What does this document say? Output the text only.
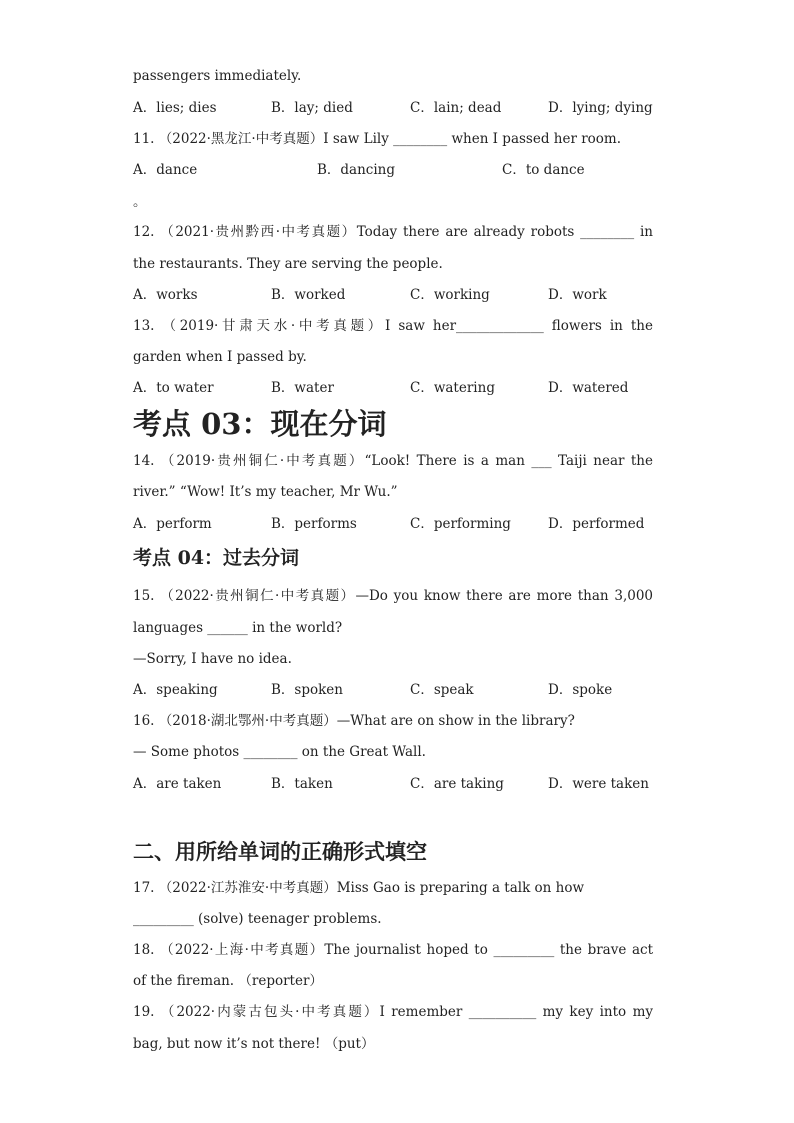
passengers immediately.
A．lies; dies	B．lay; died	C．lain; dead	D．lying; dying
11. （2022·黑龙江·中考真题）I saw Lily ________ when I passed her room.
A．dance	B．dancing	C．to dance
。
12. （2021·贵州黔西·中考真题）Today there are already robots ________ in
the restaurants. They are serving the people.
A．works	B．worked	C．working	D．work
13. （2019·甘肃天水·中考真题）I saw her_____________ flowers in the
garden when I passed by.
A．to water	B．water	C．watering	D．watered
考点 03：现在分词
14. （2019·贵州铜仁·中考真题）“Look! There is a man ___ Taiji near the
river.” “Wow! It’s my teacher, Mr Wu.”
A．perform	B．performs	C．performing	D．performed
考点 04：过去分词
15. （2022·贵州铜仁·中考真题）—Do you know there are more than 3,000
languages ______ in the world?
—Sorry, I have no idea.
A．speaking	B．spoken	C．speak	D．spoke
16. （2018·湖北鄂州·中考真题）—What are on show in the library?
— Some photos ________ on the Great Wall.
A．are taken	B．taken	C．are taking	D．were taken
二、用所给单词的正确形式填空
17. （2022·江苏淮安·中考真题）Miss Gao is preparing a talk on how
_________ (solve) teenager problems.
18. （2022·上海·中考真题）The journalist hoped to _________ the brave act
of the fireman. （reporter）
19. （2022·内蒙古包头·中考真题）I remember __________ my key into my
bag, but now it’s not there! （put）
